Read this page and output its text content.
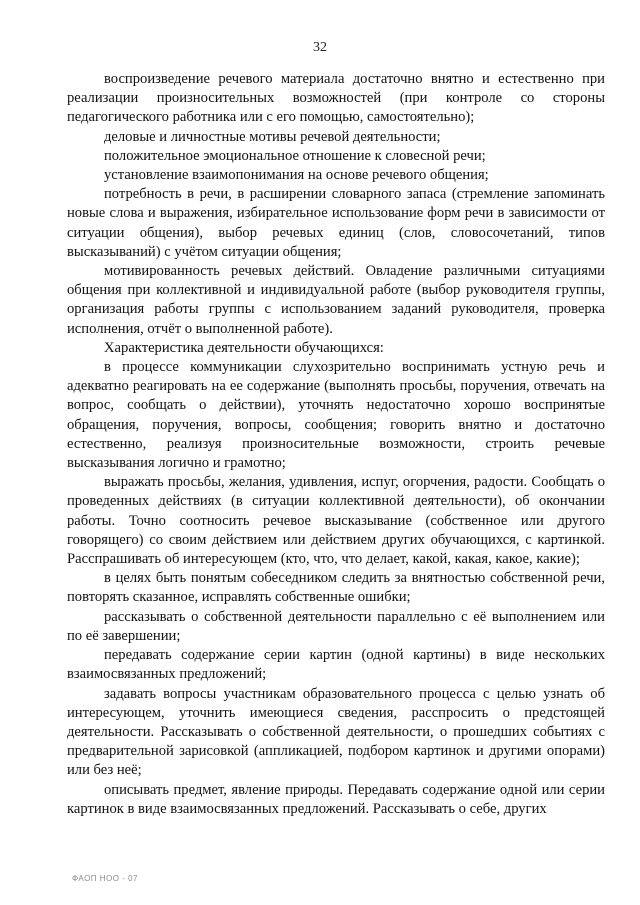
32

воспроизведение речевого материала достаточно внятно и естественно при реализации произносительных возможностей (при контроле со стороны педагогического работника или с его помощью, самостоятельно);

деловые и личностные мотивы речевой деятельности;

положительное эмоциональное отношение к словесной речи;

установление взаимопонимания на основе речевого общения;

потребность в речи, в расширении словарного запаса (стремление запоминать новые слова и выражения, избирательное использование форм речи в зависимости от ситуации общения), выбор речевых единиц (слов, словосочетаний, типов высказываний) с учётом ситуации общения;

мотивированность речевых действий. Овладение различными ситуациями общения при коллективной и индивидуальной работе (выбор руководителя группы, организация работы группы с использованием заданий руководителя, проверка исполнения, отчёт о выполненной работе).

Характеристика деятельности обучающихся:

в процессе коммуникации слухозрительно воспринимать устную речь и адекватно реагировать на ее содержание (выполнять просьбы, поручения, отвечать на вопрос, сообщать о действии), уточнять недостаточно хорошо воспринятые обращения, поручения, вопросы, сообщения; говорить внятно и достаточно естественно, реализуя произносительные возможности, строить речевые высказывания логично и грамотно;

выражать просьбы, желания, удивления, испуг, огорчения, радости. Сообщать о проведенных действиях (в ситуации коллективной деятельности), об окончании работы. Точно соотносить речевое высказывание (собственное или другого говорящего) со своим действием или действием других обучающихся, с картинкой. Расспрашивать об интересующем (кто, что, что делает, какой, какая, какое, какие);

в целях быть понятым собеседником следить за внятностью собственной речи, повторять сказанное, исправлять собственные ошибки;

рассказывать о собственной деятельности параллельно с её выполнением или по её завершении;

передавать содержание серии картин (одной картины) в виде нескольких взаимосвязанных предложений;

задавать вопросы участникам образовательного процесса с целью узнать об интересующем, уточнить имеющиеся сведения, расспросить о предстоящей деятельности. Рассказывать о собственной деятельности, о прошедших событиях с предварительной зарисовкой (аппликацией, подбором картинок и другими опорами) или без неё;

описывать предмет, явление природы. Передавать содержание одной или серии картинок в виде взаимосвязанных предложений. Рассказывать о себе, других

ФАОП НОО - 07
